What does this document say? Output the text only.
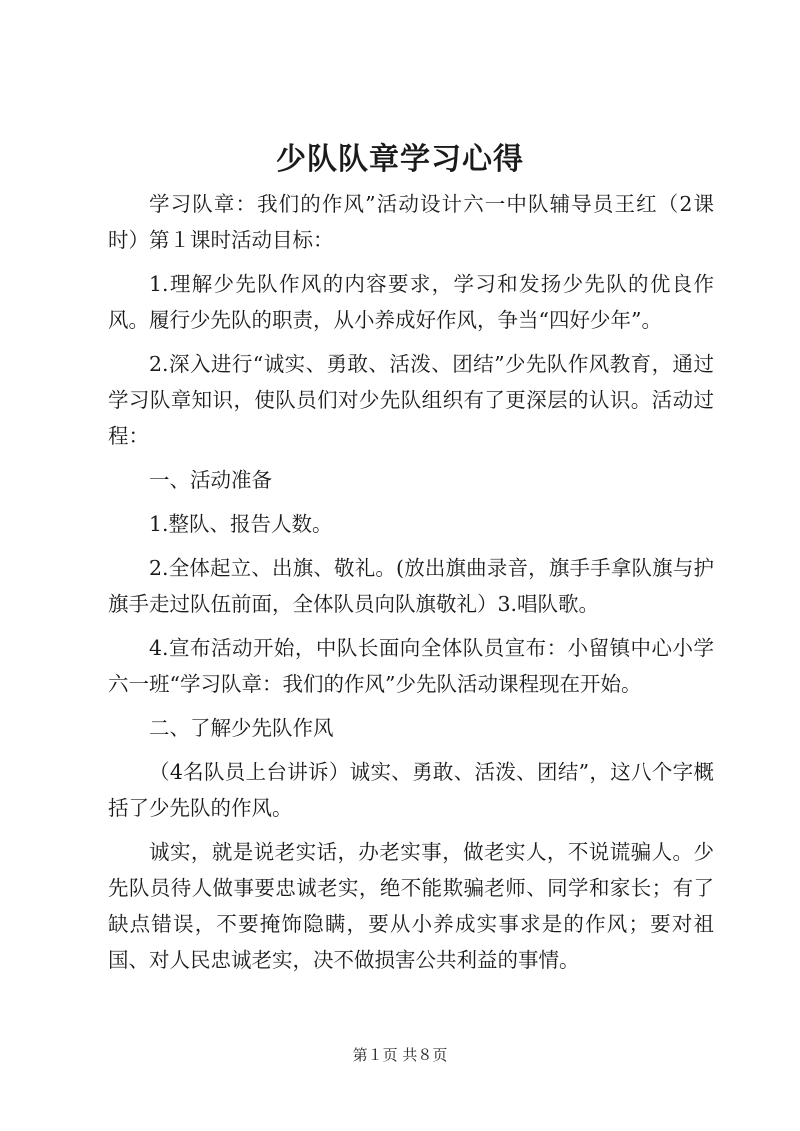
少队队章学习心得

学习队章：我们的作风”活动设计六一中队辅导员王红（2课时）第１课时活动目标：

1.理解少先队作风的内容要求，学习和发扬少先队的优良作风。履行少先队的职责，从小养成好作风，争当“四好少年”。

2.深入进行“诚实、勇敢、活泼、团结”少先队作风教育，通过学习队章知识，使队员们对少先队组织有了更深层的认识。活动过程：

一、活动准备

1.整队、报告人数。

2.全体起立、出旗、敬礼。(放出旗曲录音，旗手手拿队旗与护旗手走过队伍前面，全体队员向队旗敬礼）3.唱队歌。

4.宣布活动开始，中队长面向全体队员宣布：小留镇中心小学六一班“学习队章：我们的作风”少先队活动课程现在开始。

二、了解少先队作风

（4名队员上台讲诉）诚实、勇敢、活泼、团结”，这八个字概括了少先队的作风。

诚实，就是说老实话，办老实事，做老实人，不说谎骗人。少先队员待人做事要忠诚老实，绝不能欺骗老师、同学和家长；有了缺点错误，不要掩饰隐瞒，要从小养成实事求是的作风；要对祖国、对人民忠诚老实，决不做损害公共利益的事情。

第１页 共８页
